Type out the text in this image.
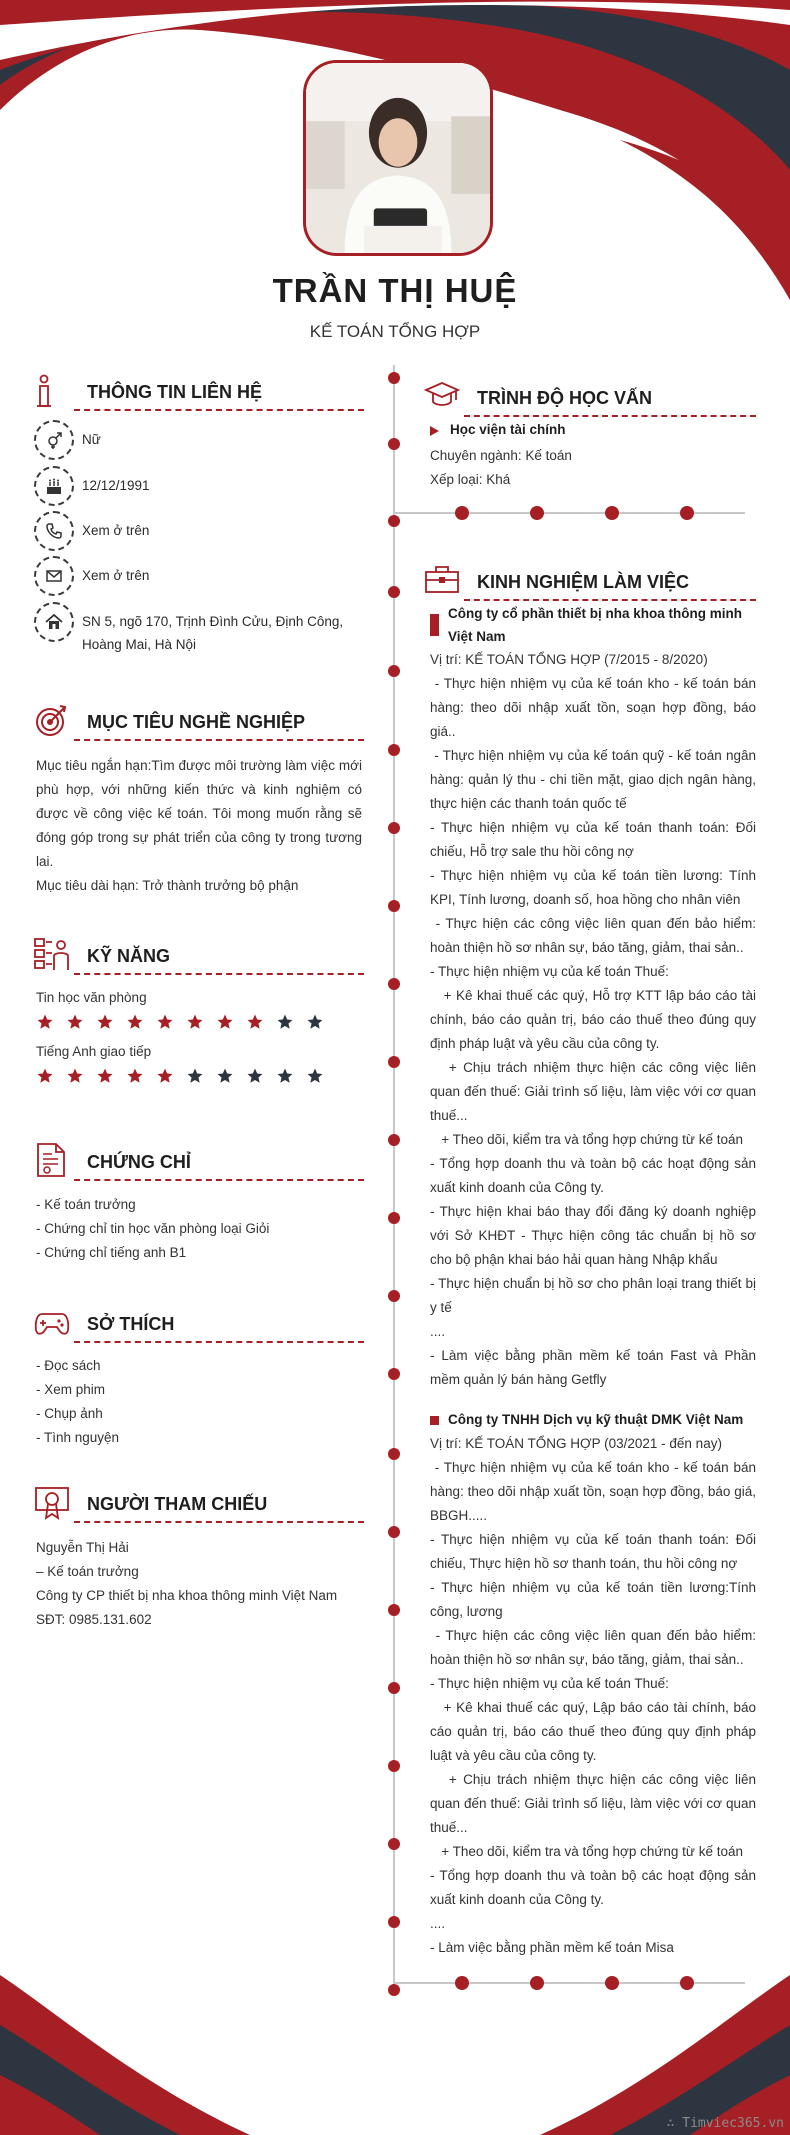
TRẦN THỊ HUỆ
KẾ TOÁN TỔNG HỢP
THÔNG TIN LIÊN HỆ
Nữ
12/12/1991
Xem ở trên
Xem ở trên
SN 5, ngõ 170, Trịnh Đình Cửu, Định Công, Hoàng Mai, Hà Nội
MỤC TIÊU NGHỀ NGHIỆP
Mục tiêu ngắn hạn:Tìm được môi trường làm việc mới phù hợp, với những kiến thức và kinh nghiệm có được về công việc kế toán. Tôi mong muốn rằng sẽ đóng góp trong sự phát triển của công ty trong tương lai.
Mục tiêu dài hạn: Trở thành trưởng bộ phận
KỸ NĂNG
Tin học văn phòng
Tiếng Anh giao tiếp
CHỨNG CHỈ
- Kế toán trưởng
- Chứng chỉ tin học văn phòng loại Giỏi
- Chứng chỉ tiếng anh B1
SỞ THÍCH
- Đọc sách
- Xem phim
- Chụp ảnh
- Tình nguyện
NGƯỜI THAM CHIẾU
Nguyễn Thị Hải
– Kế toán trưởng
Công ty CP thiết bị nha khoa thông minh Việt Nam
SĐT: 0985.131.602
TRÌNH ĐỘ HỌC VẤN
Học viện tài chính
Chuyên ngành: Kế toán
Xếp loại: Khá
KINH NGHIỆM LÀM VIỆC
Công ty cổ phần thiết bị nha khoa thông minh Việt Nam
Vị trí: KẾ TOÁN TỔNG HỢP (7/2015 - 8/2020)
- Thực hiện nhiệm vụ của kế toán kho - kế toán bán hàng: theo dõi nhập xuất tồn, soạn hợp đồng, báo giá..
- Thực hiện nhiệm vụ của kế toán quỹ - kế toán ngân hàng: quản lý thu - chi tiền mặt, giao dịch ngân hàng, thực hiện các thanh toán quốc tế
- Thực hiện nhiệm vụ của kế toán thanh toán: Đối chiếu, Hỗ trợ sale thu hồi công nợ
- Thực hiện nhiệm vụ của kế toán tiền lương: Tính KPI, Tính lương, doanh số, hoa hồng cho nhân viên
- Thực hiện các công việc liên quan đến bảo hiểm: hoàn thiện hồ sơ nhân sự, báo tăng, giảm, thai sản..
- Thực hiện nhiệm vụ của kế toán Thuế:
+ Kê khai thuế các quý, Hỗ trợ KTT lập báo cáo tài chính, báo cáo quản trị, báo cáo thuế theo đúng quy định pháp luật và yêu cầu của công ty.
+ Chịu trách nhiệm thực hiện các công việc liên quan đến thuế: Giải trình số liệu, làm việc với cơ quan thuế...
+ Theo dõi, kiểm tra và tổng hợp chứng từ kế toán
- Tổng hợp doanh thu và toàn bộ các hoạt động sản xuất kinh doanh của Công ty.
- Thực hiện khai báo thay đổi đăng ký doanh nghiệp với Sở KHĐT - Thực hiện công tác chuẩn bị hồ sơ cho bộ phận khai báo hải quan hàng Nhập khẩu
- Thực hiện chuẩn bị hồ sơ cho phân loại trang thiết bị y tế
....
- Làm việc bằng phần mềm kế toán Fast và Phần mềm quản lý bán hàng Getfly
Công ty TNHH Dịch vụ kỹ thuật DMK Việt Nam
Vị trí: KẾ TOÁN TỔNG HỢP (03/2021 - đến nay)
- Thực hiện nhiệm vụ của kế toán kho - kế toán bán hàng: theo dõi nhập xuất tồn, soạn hợp đồng, báo giá, BBGH.....
- Thực hiện nhiệm vụ của kế toán thanh toán: Đối chiếu, Thực hiện hồ sơ thanh toán, thu hồi công nợ
- Thực hiện nhiệm vụ của kế toán tiền lương:Tính công, lương
- Thực hiện các công việc liên quan đến bảo hiểm: hoàn thiện hồ sơ nhân sự, báo tăng, giảm, thai sản..
- Thực hiện nhiệm vụ của kế toán Thuế:
+ Kê khai thuế các quý, Lập báo cáo tài chính, báo cáo quản trị, báo cáo thuế theo đúng quy định pháp luật và yêu cầu của công ty.
+ Chịu trách nhiệm thực hiện các công việc liên quan đến thuế: Giải trình số liệu, làm việc với cơ quan thuế...
+ Theo dõi, kiểm tra và tổng hợp chứng từ kế toán
- Tổng hợp doanh thu và toàn bộ các hoạt động sản xuất kinh doanh của Công ty.
....
- Làm việc bằng phần mềm kế toán Misa
∴ Timviec365.vn
